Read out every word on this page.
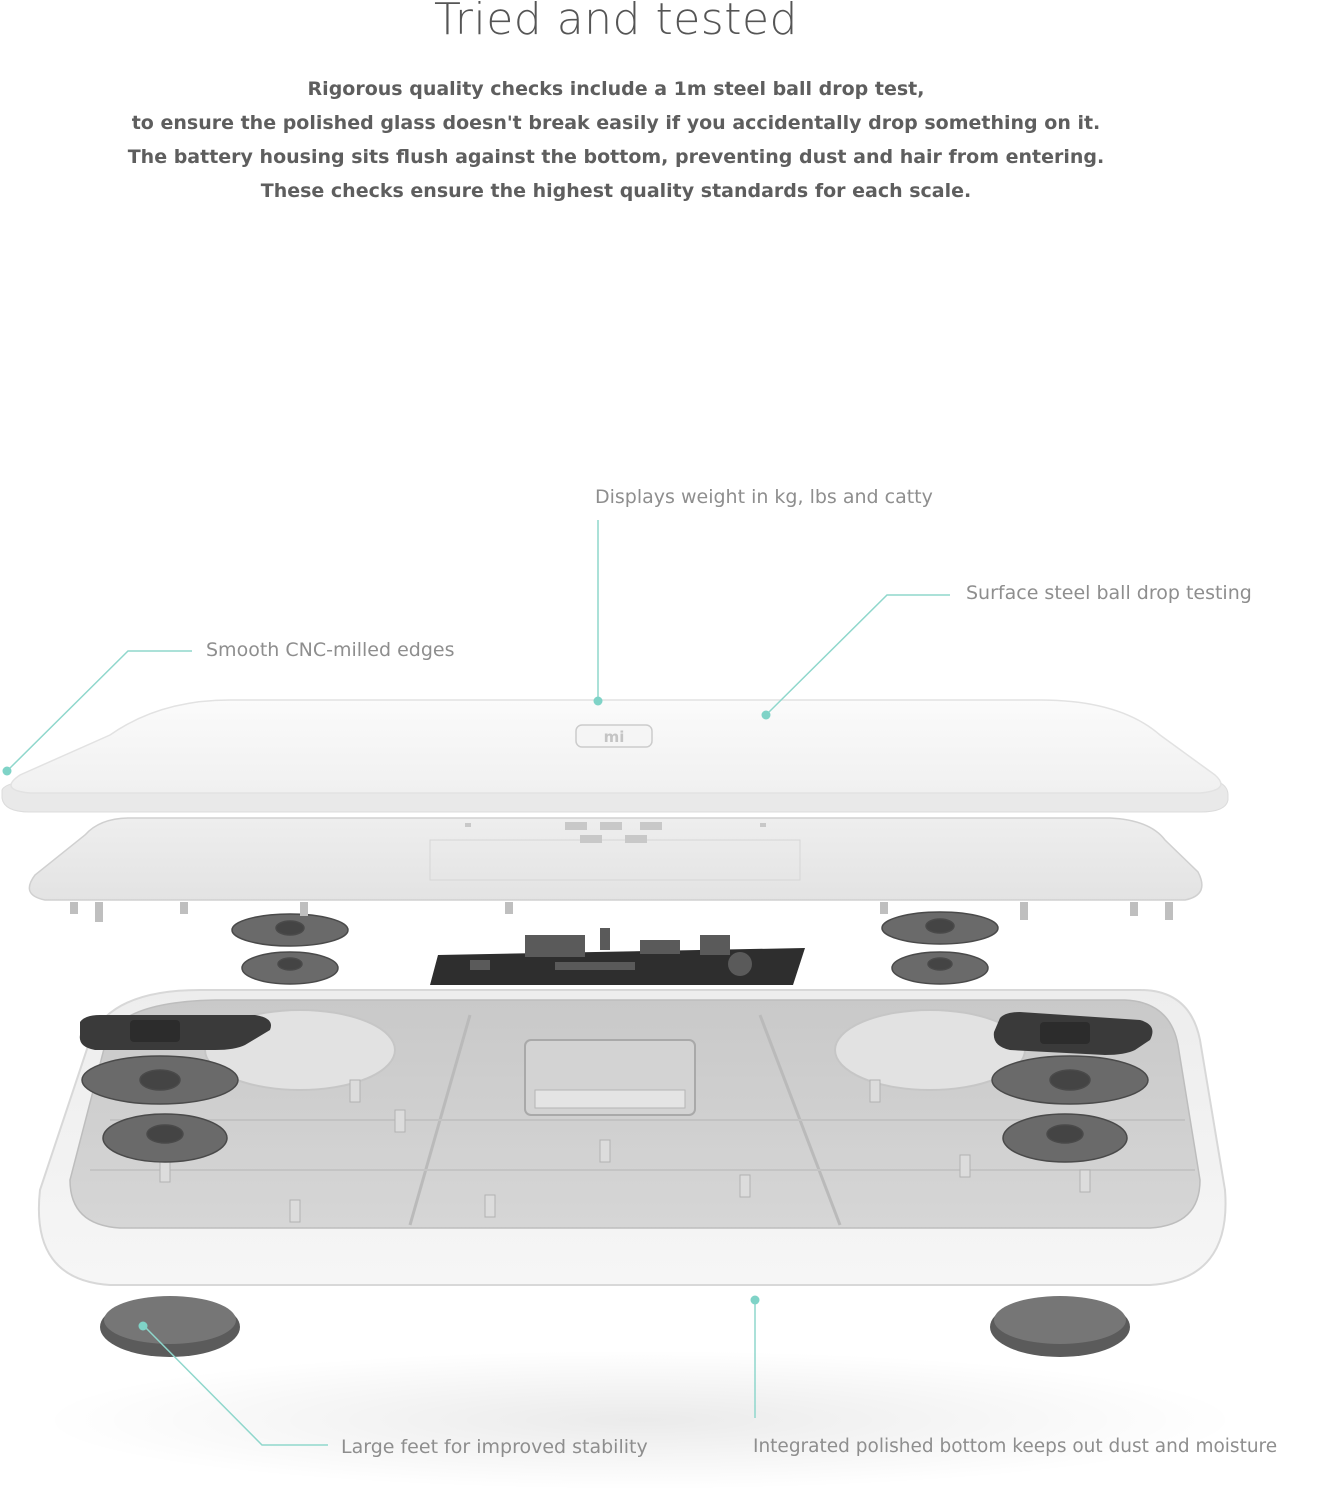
mi
Tried and tested

Rigorous quality checks include a 1m steel ball drop test,
to ensure the polished glass doesn't break easily if you accidentally drop something on it.
The battery housing sits flush against the bottom, preventing dust and hair from entering.
These checks ensure the highest quality standards for each scale.

Displays weight in kg, lbs and catty
Surface steel ball drop testing
Smooth CNC-milled edges
Large feet for improved stability	Integrated polished bottom keeps out dust and moisture
